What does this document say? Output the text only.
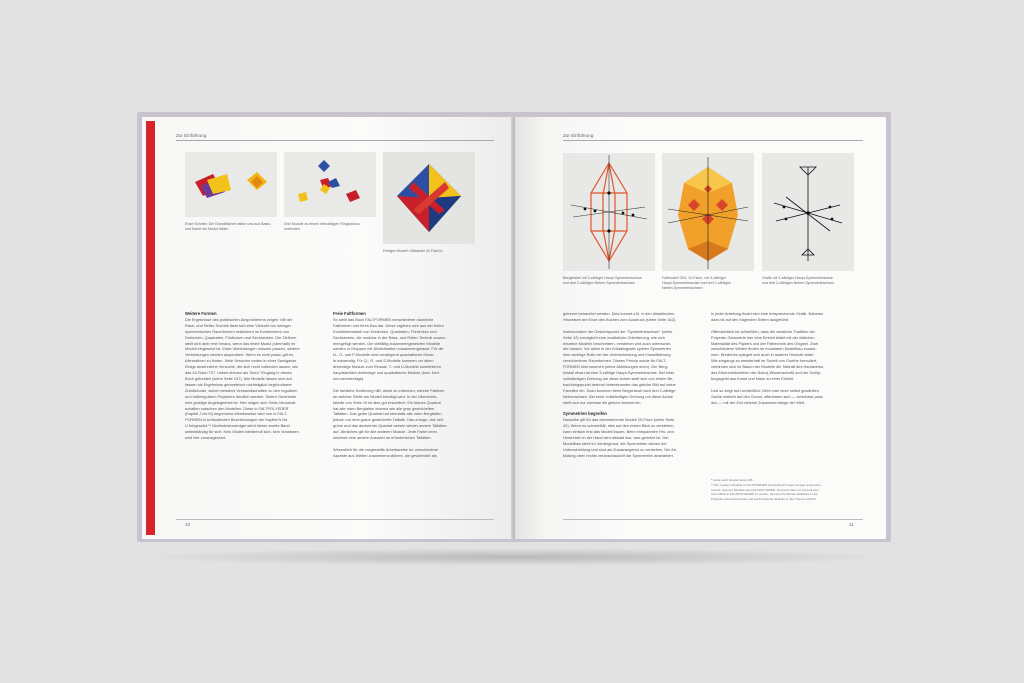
Zur Einführung
Erste Schritte: Die Grundflächen falten und aus Basis-
und Kante ein Modul bilden
Drei Module zu einem dreizähligen Ringschluss
verbinden
Fertiges Modell »Oktaeder (8-Flach)«
Weitere Formen
Die Ergebnisse des praktischen Ausprobierens zeigen: Mit der
Rass- und Reiter-Technik lässt sich eine Vielzahl von weniger
symmetrischen Raumformen realisieren im Kombinieren von
Dreiecken, Quadraten, Fünfecken und Sechsecken. Die Zielform
stellt sich aber erst heraus, wenn das letzte Modul (oberhalb) im
Modell eingesetzt ist. Erste Verbindungen müssen passen, weitere
Verbindungen werden ausprobiert. Wenn es nicht passt, gilt es,
Alternativen zu finden. Viele Versuche enden in einer Sackgasse.
Einige ansehnliche Versuche, die sich recht vollenden lassen, wie
das 24-Flach T07, haben ebenso als Torso" Eingang in dieses
Buch gefunden (siehe Seite 137). Alle Modelle lassen sich auf-
fassen als Ergebnisse geometrisch nachträglich begründbarer
Zufallsfunde, wobei meistens Verwandtschaften zu den regulären
und halbregulären Polyedern deutlich werden. Sofern Geometrie
eine geistige Angelegenheit ist: Hier zeigen sich Geist-Verwandt-
schaften zwischen den Modellen. Diese in FALTPOLYEDER
(Kapitel J bis M) begonnene Arbeitsweise wird nun in FALT-
FORMEN in fortlaufenden Bezeichnungen der Kapitel N bis
U fortgesetzt.** Nichtsdestoweniger steht dieser zweite Band
selbstständig für sich: Kein Modell wiederholt sich, kein Vorwissen
wird hier vorausgesetzt.
Freie Faltformen
So stellt das Buch FALTFORMEN verschiedene räumliche
Faltformen und ihren Bau dar. Diese ergeben sich aus der freien
Kombinierbarkeit von Dreiecken, Quadraten, Fünfecken und
Sechsecken, die modular in der Rass- und Reiter-Technik zusam-
mengefügt werden. Die vielfältig zusammengesetzten Modelle
werden in Gruppen mit Ähnlichkeiten zusammengefasst. Für die
N-, O- und P-Modelle sind vorwiegend quadratische Modu-
le notwendig. Für Q-, R- und S-Modelle kommen vor allem
dreieckige Module zum Einsatz. T- und U-Modelle kombinieren
hauptsächlich dreieckige und quadratische Module (bzw. Kerf-
und sechseckige).

Die farbliche Kodierung hilft, direkt zu erkennen, welche Faltform
an welcher Stelle am Modell benötigt wird. In der Übersichts-
tabelle von Seite 19 ist dies gut ersichtlich: Ein blaues Quadrat
hat alle roten Bergfalten ebenso wie alle grau gestrichelten
Talfalten. Das gelbe Quadrat hat ebenfalls alle roten Bergfalten,
jedoch nur eine graue gestrichelte Talfalte. Das orange, das hell-
grüne und das dunkelrote Quadrat weisen wieder andere Talfalten
auf. Ähnliches gilt für alle anderen Module. Jede Farbe kenn-
zeichnet eine andere Auswahl an erforderlichen Talfalten.

Wesentlich für die vorgestellte Arbeitsweise ist, verschiedene
Aspekte aus Welten zusammenzuführen, die gewöhnlich als
10
Zur Einführung
Bergkristall mit 3-zähliger Haupt-Symmetrieachse
und drei 2-zähligen Neben-Symmetrieachsen
Faltmodell O04, 20-Flach, mit 3-zähliger
Haupt-Symmetrieachse und drei 2-zähligen
Neben-Symmetrieachsen
Grafik mit 3-zähliger Haupt-Symmetrieachse
und drei 2-zähligen Neben-Symmetrieachsen
getrennt betrachtet werden. Dies kommt z.B. in den didaktischen
Hinweisen am Ende des Buches zum Ausdruck (siehe Seite 162).
Insbesondere der Gesichtspunkt der "Symmetrieachsen" (siehe
Seite 12) ermöglicht eine zusätzliche Orientierung, wie sich
einzelne Modelle beschreiben, verstehen und auch unterschei-
den lassen. Vor allem in der Kristallografie spielen Symmetrien
eine wichtige Rolle bei der Unterscheidung und Klassifizierung
verschiedener Raumformen. Dieses Prinzip wurde für FALT-
FORMEN übernommen (siehe Abbildungen oben). Der Berg-
kristall etwa hat eine 3-zählige Haupt-Symmetrieachse. Bei einer
vollständigen Drehung um diese Achse stellt sich von einem Be-
trachtungspunkt dreimal hintereinander das gleiche Bild auf seine
Facetten ein. Dazu kommen beim Bergkristall noch drei 2-zählige
Nebenachsen. Bei einer vollständigen Drehung um diese Achse
stellt sich nur zweimal die gleiche Ansicht ein.
Symmetrien begreifen
Dasselbe gilt für das obenstehende Modell 20-Flach (siehe Seite
40). Wenn es schwerfällt, dies auf den ersten Blick zu verstehen,
kann einfach erst das Modell bauen. Beim entspannten Hin- und
Herdrehen in der Hand wird alsbald klar, was gemeint ist. Der
Modellbau steht im Vordergrund, die Symmetrien dienen der
Unterscheidung und sind als Zusatzangebot zu verstehen. Die Ab-
bildung oben rechts veranschaulicht die Symmetrien abstrahiert.
In jeder Anleitung findet sich eine entsprechende Grafik. Näheres
dazu ist auf den folgenden Seiten ausgeführt.
Offensichtlich ist schließlich, dass die westliche Tradition der
Polyeder-Geometrie hier eine Einheit bildet mit der östlichen
Materialität des Papiers und der Falttechnik des Origami. Zwei
verschiedene Welten finden im modularen Modellbau zusam-
men. Ähnliches spiegelt sich auch in anderer Hinsicht wider:
Wie eingangs so meisterhaft im Sonett von Goethe formuliert,
verbinden sich im Bauen der Modelle die Tatkraft des Handwerks,
des Erkenntnisstreben der Natur(-Wissenschaft) und der Schöp-
fungsgeist aus Kunst und Natur zu einer Einheit.
Und so zeigt sich schließlich: Geht man einer selbst gewählten
Sache wirklich auf den Grund, offenbaren sich — scheinbar para-
dox — mit der Zeit vielerlei Zusammenhänge der Welt.
* siehe auch Glosse Seite 166
** Die meisten Modelle in FALTFORMEN sind technisch weit weniger anspruchs-
voll als viele der Modelle aus FALTPOLYEDER. Dennoch kann es sinnvoll sein,
einen Blick in FALTPOLYEDER zu werfen, da seine fundierten Einblicke in die
Polyeder-Geometrie bietet und auch hübsche Modelle in das Thema einführt.
11
